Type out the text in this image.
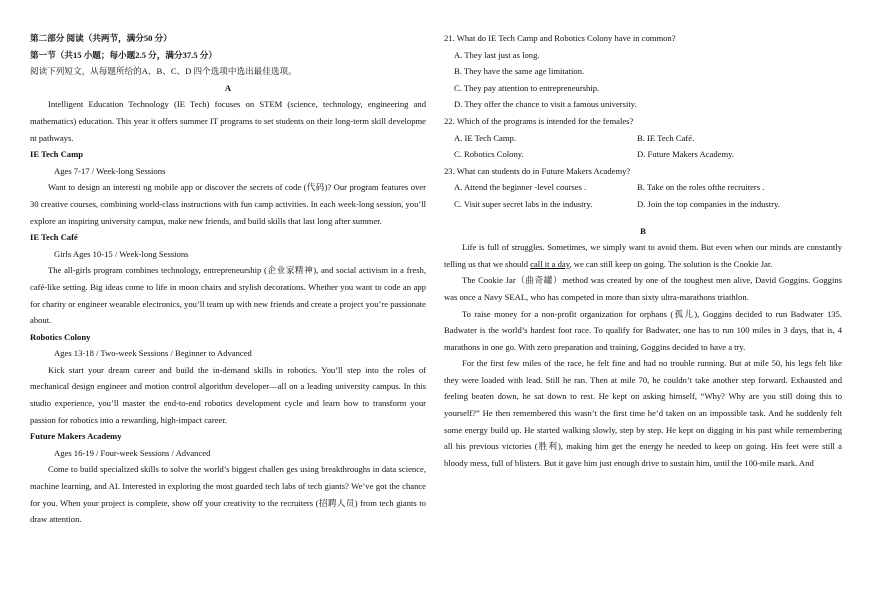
第二部分 阅读（共两节，满分50 分）

第一节（共15 小题；每小题2.5 分，满分37.5 分）

阅读下列短文，从每题所给的A、B、C、D 四个选项中选出最佳选项。

A

Intelligent Education Technology (IE Tech) focuses on STEM (science, technology, engineering and mathematics) education. This year it offers summer IT programs to set students on their long-term skill developme nt pathways.

IE Tech Camp

Ages 7-17 / Week-long Sessions

Want to design an interesti ng mobile app or discover the secrets of code (代码)? Our program features over 30 creative courses, combining world-class instructions with fun camp activities. In each week-long session, you’ll explore an inspiring university campus, make new friends, and build skills that last long after summer.

IE Tech Café

Girls Ages 10-15 / Week-long Sessions

The all-girls program combines technology, entrepreneurship (企业家精神), and social activism in a fresh, café-like setting. Big ideas come to life in moon chairs and stylish decorations. Whether you want to code an app for charity or engineer wearable electronics, you’ll team up with new friends and create a project you’re passionate about.

Robotics Colony

Ages 13-18 / Two-week Sessions / Beginner to Advanced

Kick start your dream career and build the in-demand skills in robotics. You’ll step into the roles of mechanical design engineer and motion control algorithm developer—all on a leading university campus. In this studio experience, you’ll master the end-to-end robotics development cycle and learn how to transform your passion for robotics into a rewarding, high-impact career.

Future Makers Academy

Ages 16-19 / Four-week Sessions / Advanced

Come to build specialized skills to solve the world’s biggest challen ges using breakthroughs in data science, machine learning, and AI. Interested in exploring the most guarded tech labs of tech giants? We’ve got the chance for you. When your project is complete, show off your creativity to the recruiters (招聘人员) from tech giants to draw attention.

21. What do IE Tech Camp and Robotics Colony have in common?

A. They last just as long.

B. They have the same age limitation.

C. They pay attention to entrepreneurship.

D. They offer the chance to visit a famous university.

22. Which of the programs is intended for the females?

A. IE Tech Camp.	B. IE Tech Café.
C. Robotics Colony.	D. Future Makers Academy.

23. What can students do in Future Makers Academy?

A. Attend the beginner -level courses .	B. Take on the roles ofthe recruiters .
C. Visit super secret labs in the industry.	D. Join the top companies in the industry.

B

Life is full of struggles. Sometimes, we simply want to avoid them. But even when our minds are constantly telling us that we should call it a day, we can still keep on going. The solution is the Cookie Jar.

The Cookie Jar（曲奇罐）method was created by one of the toughest men alive, David Goggins. Goggins was once a Navy SEAL, who has competed in more than sixty ultra-marathons triathlon.

To raise money for a non-profit organization for orphans (孤儿), Goggins decided to run Badwater 135. Badwater is the world’s hardest foot race. To qualify for Badwater, one has to run 100 miles in 3 days, that is, 4 marathons in one go. With zero preparation and training, Goggins decided to have a try.

For the first few miles of the race, he felt fine and had no trouble running. But at mile 50, his legs felt like they were loaded with lead. Still he ran. Then at mile 70, he couldn’t take another step forward. Exhausted and feeling beaten down, he sat down to rest. He kept on asking himself, “Why? Why are you still doing this to yourself?” He then remembered this wasn’t the first time he’d taken on an impossible task. And he suddenly felt some energy build up. He started walking slowly, step by step. He kept on digging in his past while remembering all his previous victories (胜利), making him get the energy he needed to keep on going. His feet were still a bloody mess, full of blisters. But it gave him just enough drive to sustain him, until the 100-mile mark. And
